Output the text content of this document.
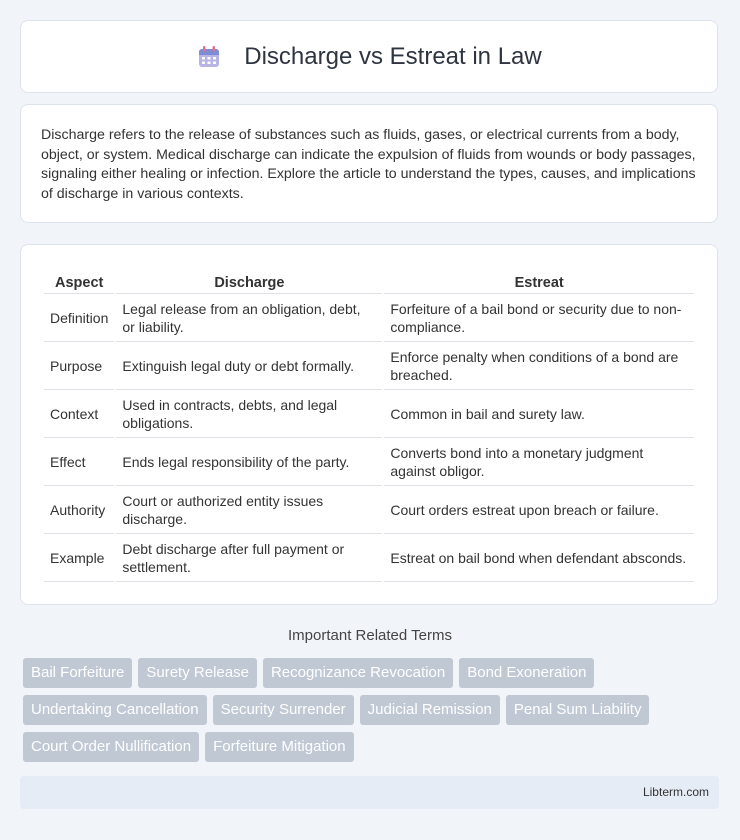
Discharge vs Estreat in Law

Discharge refers to the release of substances such as fluids, gases, or electrical currents from a body, object, or system. Medical discharge can indicate the expulsion of fluids from wounds or body passages, signaling either healing or infection. Explore the article to understand the types, causes, and implications of discharge in various contexts.

Aspect	Discharge	Estreat
Definition	Legal release from an obligation, debt, or liability.	Forfeiture of a bail bond or security due to non-compliance.
Purpose	Extinguish legal duty or debt formally.	Enforce penalty when conditions of a bond are breached.
Context	Used in contracts, debts, and legal obligations.	Common in bail and surety law.
Effect	Ends legal responsibility of the party.	Converts bond into a monetary judgment against obligor.
Authority	Court or authorized entity issues discharge.	Court orders estreat upon breach or failure.
Example	Debt discharge after full payment or settlement.	Estreat on bail bond when defendant absconds.
Important Related Terms
Bail Forfeiture	Surety Release	Recognizance Revocation	Bond Exoneration
Undertaking Cancellation	Security Surrender	Judicial Remission	Penal Sum Liability
Court Order Nullification	Forfeiture Mitigation
Libterm.com
